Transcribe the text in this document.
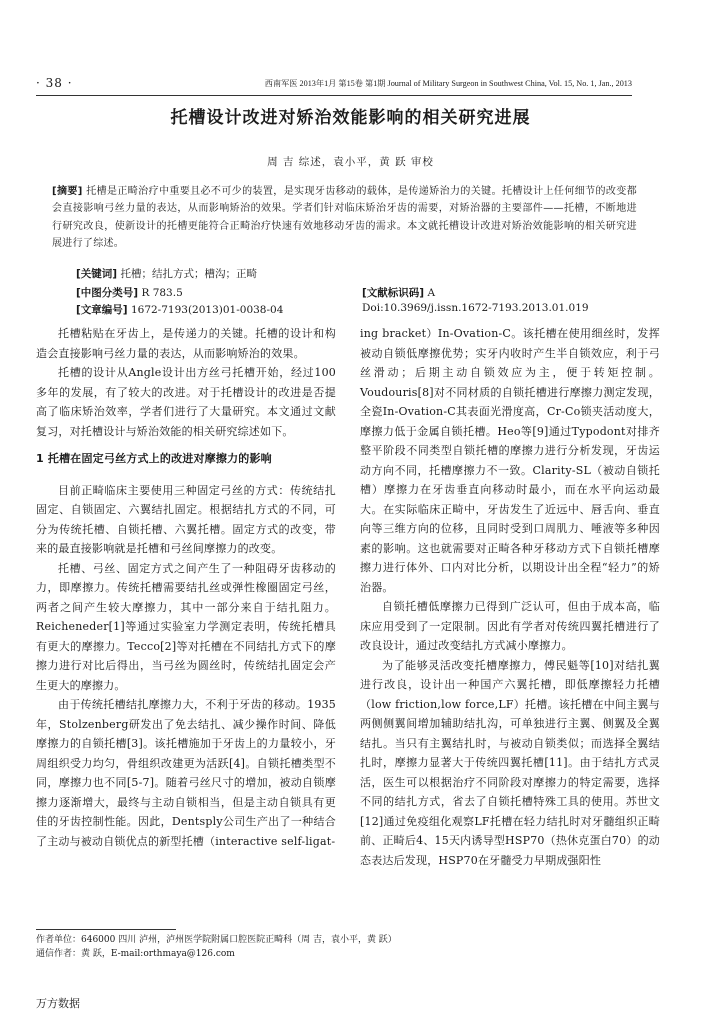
· 38 ·	西南军医 2013年1月 第15卷 第1期 Journal of Military Surgeon in Southwest China, Vol. 15, No. 1, Jan., 2013
托槽设计改进对矫治效能影响的相关研究进展
周 吉 综述，袁小平，黄 跃 审校
[摘要] 托槽是正畸治疗中重要且必不可少的装置，是实现牙齿移动的载体，是传递矫治力的关键。托槽设计上任何细节的改变都会直接影响弓丝力量的表达，从而影响矫治的效果。学者们针对临床矫治牙齿的需要，对矫治器的主要部件——托槽，不断地进行研究改良，使新设计的托槽更能符合正畸治疗快速有效地移动牙齿的需求。本文就托槽设计改进对矫治效能影响的相关研究进展进行了综述。
[关键词] 托槽；结扎方式；槽沟；正畸
[中图分类号] R 783.5	[文献标识码] A
[文章编号] 1672-7193(2013)01-0038-04	Doi:10.3969/j.issn.1672-7193.2013.01.019

托槽粘贴在牙齿上，是传递力的关键。托槽的设计和构造会直接影响弓丝力量的表达，从而影响矫治的效果。

托槽的设计从Angle设计出方丝弓托槽开始，经过100多年的发展，有了较大的改进。对于托槽设计的改进是否提高了临床矫治效率，学者们进行了大量研究。本文通过文献复习，对托槽设计与矫治效能的相关研究综述如下。

1 托槽在固定弓丝方式上的改进对摩擦力的影响

目前正畸临床主要使用三种固定弓丝的方式：传统结扎固定、自锁固定、六翼结扎固定。根据结扎方式的不同，可分为传统托槽、自锁托槽、六翼托槽。固定方式的改变，带来的最直接影响就是托槽和弓丝间摩擦力的改变。

托槽、弓丝、固定方式之间产生了一种阻碍牙齿移动的力，即摩擦力。传统托槽需要结扎丝或弹性橡圈固定弓丝，两者之间产生较大摩擦力，其中一部分来自于结扎阻力。Reicheneder[1]等通过实验室力学测定表明，传统托槽具有更大的摩擦力。Tecco[2]等对托槽在不同结扎方式下的摩擦力进行对比后得出，当弓丝为圆丝时，传统结扎固定会产生更大的摩擦力。

由于传统托槽结扎摩擦力大，不利于牙齿的移动。1935年，Stolzenberg研发出了免去结扎、减少操作时间、降低摩擦力的自锁托槽[3]。该托槽施加于牙齿上的力量较小，牙周组织受力均匀，骨组织改建更为活跃[4]。自锁托槽类型不同，摩擦力也不同[5-7]。随着弓丝尺寸的增加，被动自锁摩擦力逐渐增大，最终与主动自锁相当，但是主动自锁具有更佳的牙齿控制性能。因此，Dentsply公司生产出了一种结合了主动与被动自锁优点的新型托槽（interactive self-ligat-

ing bracket）In-Ovation-C。该托槽在使用细丝时，发挥被动自锁低摩擦优势；实牙内收时产生半自锁效应，利于弓丝滑动；后期主动自锁效应为主，便于转矩控制。Voudouris[8]对不同材质的自锁托槽进行摩擦力测定发现，全瓷In-Ovation-C其表面光滑度高，Cr-Co锁夹活动度大，摩擦力低于金属自锁托槽。Heo等[9]通过Typodont对排齐整平阶段不同类型自锁托槽的摩擦力进行分析发现，牙齿运动方向不同，托槽摩擦力不一致。Clarity-SL（被动自锁托槽）摩擦力在牙齿垂直向移动时最小，而在水平向运动最大。在实际临床正畸中，牙齿发生了近远中、唇舌向、垂直向等三维方向的位移，且同时受到口周肌力、唾液等多种因素的影响。这也就需要对正畸各种牙移动方式下自锁托槽摩擦力进行体外、口内对比分析，以期设计出全程“轻力”的矫治器。

自锁托槽低摩擦力已得到广泛认可，但由于成本高，临床应用受到了一定限制。因此有学者对传统四翼托槽进行了改良设计，通过改变结扎方式减小摩擦力。

为了能够灵活改变托槽摩擦力，傅民魁等[10]对结扎翼进行改良，设计出一种国产六翼托槽，即低摩擦轻力托槽（low friction,low force,LF）托槽。该托槽在中间主翼与两侧侧翼间增加辅助结扎沟，可单独进行主翼、侧翼及全翼结扎。当只有主翼结扎时，与被动自锁类似；而选择全翼结扎时，摩擦力显著大于传统四翼托槽[11]。由于结扎方式灵活，医生可以根据治疗不同阶段对摩擦力的特定需要，选择不同的结扎方式，省去了自锁托槽特殊工具的使用。苏世文[12]通过免疫组化观察LF托槽在轻力结扎时对牙髓组织正畸前、正畸后4、15天内诱导型HSP70（热休克蛋白70）的动态表达后发现，HSP70在牙髓受力早期成强阳性

作者单位：646000 四川 泸州，泸州医学院附属口腔医院正畸科（周 吉，袁小平，黄 跃）
通信作者：黄 跃，E-mail:orthmaya@126.com
万方数据
